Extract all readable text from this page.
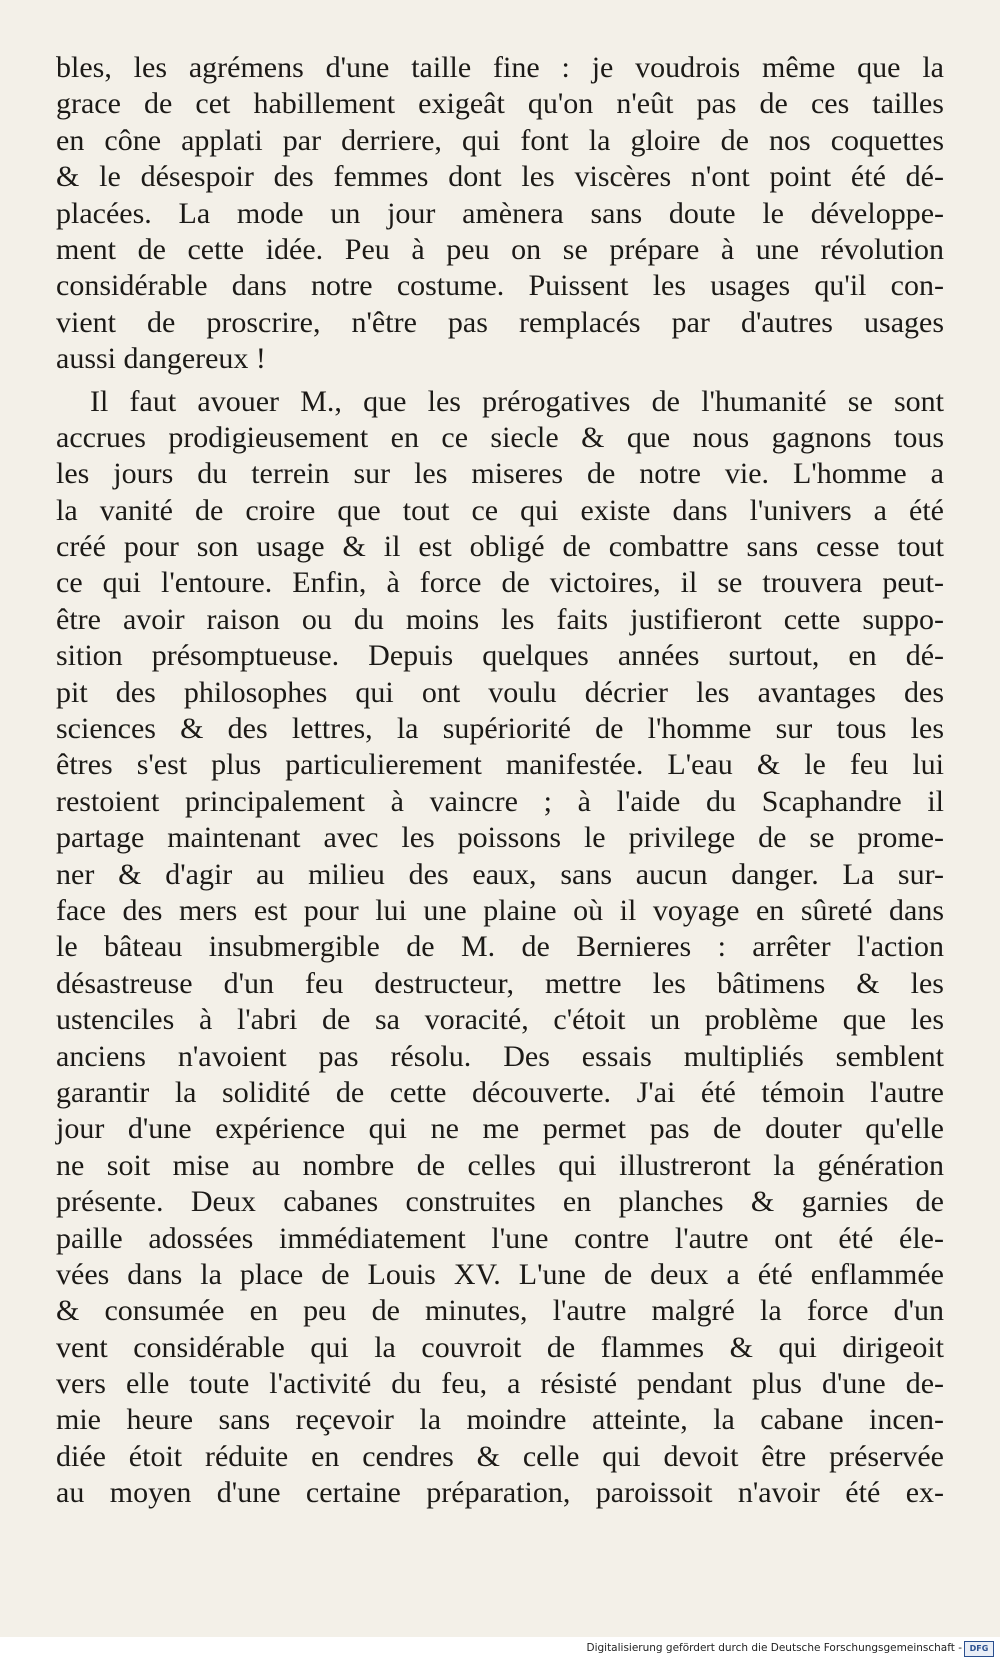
bles, les agrémens d'une taille fine : je voudrois même que la
grace de cet habillement exigeât qu'on n'eût pas de ces tailles
en cône applati par derriere, qui font la gloire de nos coquettes
& le désespoir des femmes dont les viscères n'ont point été dé-
placées. La mode un jour amènera sans doute le développe-
ment de cette idée. Peu à peu on se prépare à une révolution
considérable dans notre costume. Puissent les usages qu'il con-
vient de proscrire, n'être pas remplacés par d'autres usages
aussi dangereux !
Il faut avouer M., que les prérogatives de l'humanité se sont
accrues prodigieusement en ce siecle & que nous gagnons tous
les jours du terrein sur les miseres de notre vie. L'homme a
la vanité de croire que tout ce qui existe dans l'univers a été
créé pour son usage & il est obligé de combattre sans cesse tout
ce qui l'entoure. Enfin, à force de victoires, il se trouvera peut-
être avoir raison ou du moins les faits justifieront cette suppo-
sition présomptueuse. Depuis quelques années surtout, en dé-
pit des philosophes qui ont voulu décrier les avantages des
sciences & des lettres, la supériorité de l'homme sur tous les
êtres s'est plus particulierement manifestée. L'eau & le feu lui
restoient principalement à vaincre ; à l'aide du Scaphandre il
partage maintenant avec les poissons le privilege de se prome-
ner & d'agir au milieu des eaux, sans aucun danger. La sur-
face des mers est pour lui une plaine où il voyage en sûreté dans
le bâteau insubmergible de M. de Bernieres : arrêter l'action
désastreuse d'un feu destructeur, mettre les bâtimens & les
ustenciles à l'abri de sa voracité, c'étoit un problème que les
anciens n'avoient pas résolu. Des essais multipliés semblent
garantir la solidité de cette découverte. J'ai été témoin l'autre
jour d'une expérience qui ne me permet pas de douter qu'elle
ne soit mise au nombre de celles qui illustreront la génération
présente. Deux cabanes construites en planches & garnies de
paille adossées immédiatement l'une contre l'autre ont été éle-
vées dans la place de Louis XV. L'une de deux a été enflammée
& consumée en peu de minutes, l'autre malgré la force d'un
vent considérable qui la couvroit de flammes & qui dirigeoit
vers elle toute l'activité du feu, a résisté pendant plus d'une de-
mie heure sans reçevoir la moindre atteinte, la cabane incen-
diée étoit réduite en cendres & celle qui devoit être préservée
au moyen d'une certaine préparation, paroissoit n'avoir été ex-
Digitalisierung gefördert durch die Deutsche Forschungsgemeinschaft - DFG
